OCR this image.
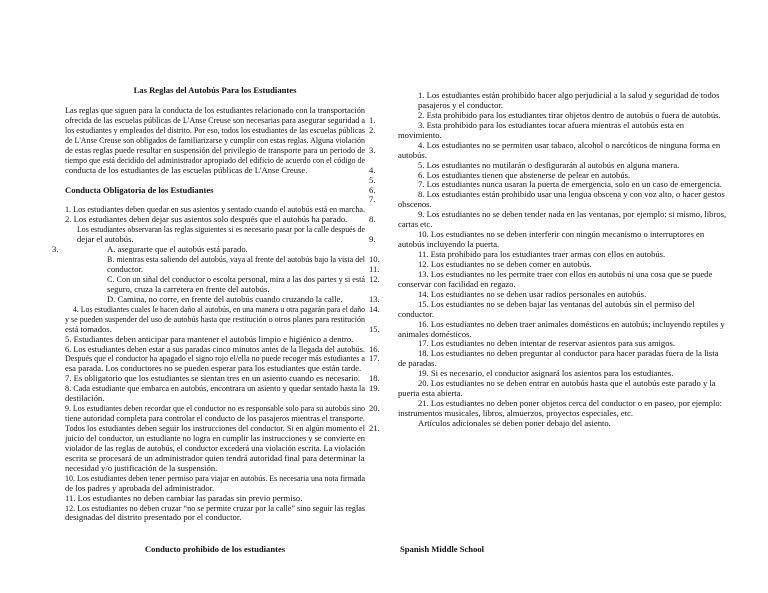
Las Reglas del Autobús Para los Estudiantes
Las reglas que siguen para la conducta de los estudiantes relacionado con la transportación
ofrecida de las escuelas públicas de L'Anse Creuse son necesarias para asegurar seguridad a 1.
los estudiantes y empleados del distrito. Por eso, todos los estudiantes de las escuelas públicas 2.
de L'Anse Creuse son obligados de familiarizarse y cumplir con estas reglas. Alguna violación
de estas reglas puede resultar en suspensión del privilegio de transporte para un periodo de 3.
tiempo que está decidido del administrador apropiado del edificio de acuerdo con el código de
conducta de los estudiantes de las escuelas públicas de L'Anse Creuse.	4.
5.
Conducta Obligatoria de los Estudiantes	6.
7.
1. Los estudiantes deben quedar en sus asientos y sentado cuando el autobús está en marcha.
2. Los estudiantes deben dejar sus asientos solo después que el autobús ha parado.	8.
Los estudiantes observaran las reglas siguientes si es necesario pasar por la calle después de
dejar el autobús.	9.
A. asegurarte que el autobús está parado.
B. mientras esta saliendo del autobús, vaya al frente del autobús bajo la vista del 10.
conductor.	11.
C. Con un siñal del conductor o escolta personal, mira a las dos partes y si está 12.
seguro, cruza la carretera en frente del autobús.
D. Camina, no corre, en frente del autobús cuando cruzando la calle.	13.
4. Los estudiantes cuales le hacen daño al autobús, en una manera u otra pagarán para el daño 14.
y se pueden suspender del uso de autobús hasta que restitución o otros planes para restitución
está tomados.	15.
5. Estudiantes deben anticipar para mantener el autobús limpio e higiénico a dentro.
6. Los estudiantes deben estar a sus paradas cinco minutos antes de la llegada del autobús. 16.
Después que el conductor ha apagado el signo rojo el/ella no puede recoger más estudiantes a 17.
esa parada. Los conductores no se pueden esperar para los estudiantes que están tarde.
7. Es obligatorio que los estudiantes se sientan tres en un asiento cuando es necesario. 18.
8. Cada estudiante que embarca en autobús, encontrara un asiento y quedar sentado hasta la 19.
destilación.
9. Los estudiantes deben recordar que el conductor no es responsable solo para su autobús sino 20.
tiene autoridad completa para controlar el conducto de los pasajeros mientras el transporte.
Todos los estudiantes deben seguir los instrucciones del conductor. Si en algún momento el 21.
juicio del conductor, un estudiante no logra en cumplir las instrucciones y se convierte en
violador de las reglas de autobús, el conductor excederá una violación escrita. La violación
escrita se procesará de un administrador quien tendrá autoridad final para determinar la
necesidad y/o justificación de la suspensión.
10. Los estudiantes deben tener permiso para viajar en autobús. Es necesaria una nota firmada
de los padres y aprobada del administrador.
11. Los estudiantes no deben cambiar las paradas sin previo permiso.
12. Los estudiantes no deben cruzar “no se permite cruzar por la calle” sino seguir las reglas
designadas del distrito presentado por el conductor.
3.
1. Los estudiantes están prohibido hacer algo perjudicial a la salud y seguridad de todos
pasajeros y el conductor.
2. Esta prohibido para los estudiantes tirar objetos dentro de autobús o fuera de autobús.
3. Esta prohibido para los estudiantes tocar afuera mientras el autobús esta en
movimiento.
4. Los estudiantes no se permiten usar tabaco, alcohol o narcóticos de ninguna forma en
autobús.
5. Los estudiantes no mutilarán o desfigurarán al autobús en alguna manera.
6. Los estudiantes tienen que abstenerse de pelear en autobús.
7. Los estudiantes nunca usaran la puerta de emergencia, solo en un caso de emergencia.
8. Los estudiantes están prohibido usar una lengua obscena y con voz alto, o hacer gestos
obscenos.
9. Los estudiantes no se deben tender nada en las ventanas, por ejemplo: si mismo, libros,
cartas etc.
10. Los estudiantes no se deben interferir con ningún mecanismo o interruptores en
autobús incluyendo la puerta.
11. Esta prohibido para los estudiantes traer armas con ellos en autobús.
12. Los estudiantes no se deben comer en autobús.
13. Los estudiantes no les permite traer con ellos en autobús ni una cosa que se puede
conservar con facilidad en regazo.
14. Los estudiantes no se deben usar radios personales en autobús.
15. Los estudiantes no se deben bajar las ventanas del autobús sin el permiso del
conductor.
16. Los estudiantes no deben traer animales domésticos en autobús; incluyendo reptiles y
animales domésticos.
17. Los estudiantes no deben intentar de reservar asientos para sus amigos.
18. Los estudiantes no deben preguntar al conductor para hacer paradas fuera de la lista
de paradas.
19. Si es necesario, el conductor asignará los asientos para los estudiantes.
20. Los estudiantes no se deben entrar en autobús hasta que el autobús este parado y la
puerta esta abierta.
21. Los estudiantes no deben poner objetos cerca del conductor o en paseo, por ejemplo:
instrumentos musicales, libros, almuerzos, proyectos especiales, etc.
Artículos adicionales se deben poner debajo del asiento.
Conducto prohibido de los estudiantes	Spanish Middle School
